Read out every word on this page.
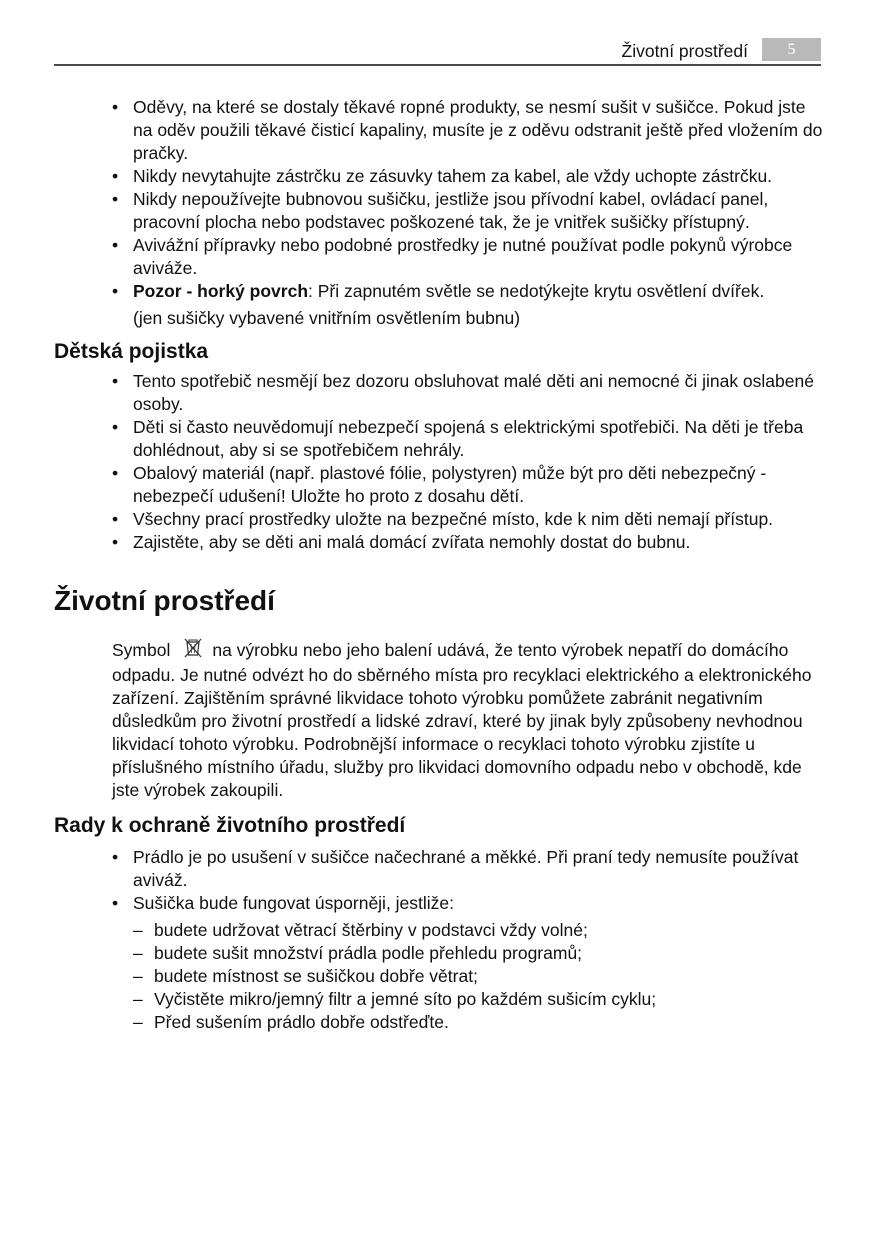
Životní prostředí	5
• Oděvy, na které se dostaly těkavé ropné produkty, se nesmí sušit v sušičce. Pokud jste na oděv použili těkavé čisticí kapaliny, musíte je z oděvu odstranit ještě před vložením do pračky.
• Nikdy nevytahujte zástrčku ze zásuvky tahem za kabel, ale vždy uchopte zástrčku.
• Nikdy nepoužívejte bubnovou sušičku, jestliže jsou přívodní kabel, ovládací panel, pracovní plocha nebo podstavec poškozené tak, že je vnitřek sušičky přístupný.
• Avivážní přípravky nebo podobné prostředky je nutné používat podle pokynů výrobce aviváže.
• Pozor - horký povrch: Při zapnutém světle se nedotýkejte krytu osvětlení dvířek.
(jen sušičky vybavené vnitřním osvětlením bubnu)
Dětská pojistka
• Tento spotřebič nesmějí bez dozoru obsluhovat malé děti ani nemocné či jinak oslabené osoby.
• Děti si často neuvědomují nebezpečí spojená s elektrickými spotřebiči. Na děti je třeba dohlédnout, aby si se spotřebičem nehrály.
• Obalový materiál (např. plastové fólie, polystyren) může být pro děti nebezpečný - nebezpečí udušení! Uložte ho proto z dosahu dětí.
• Všechny prací prostředky uložte na bezpečné místo, kde k nim děti nemají přístup.
• Zajistěte, aby se děti ani malá domácí zvířata nemohly dostat do bubnu.
Životní prostředí
Symbol na výrobku nebo jeho balení udává, že tento výrobek nepatří do domácího odpadu. Je nutné odvézt ho do sběrného místa pro recyklaci elektrického a elektronického zařízení. Zajištěním správné likvidace tohoto výrobku pomůžete zabránit negativním důsledkům pro životní prostředí a lidské zdraví, které by jinak byly způsobeny nevhodnou likvidací tohoto výrobku. Podrobnější informace o recyklaci tohoto výrobku zjistíte u příslušného místního úřadu, služby pro likvidaci domovního odpadu nebo v obchodě, kde jste výrobek zakoupili.
Rady k ochraně životního prostředí
• Prádlo je po usušení v sušičce načechrané a měkké. Při praní tedy nemusíte používat aviváž.
• Sušička bude fungovat úsporněji, jestliže:
– budete udržovat větrací štěrbiny v podstavci vždy volné;
– budete sušit množství prádla podle přehledu programů;
– budete místnost se sušičkou dobře větrat;
– Vyčistěte mikro/jemný filtr a jemné síto po každém sušicím cyklu;
– Před sušením prádlo dobře odstřeďte.
